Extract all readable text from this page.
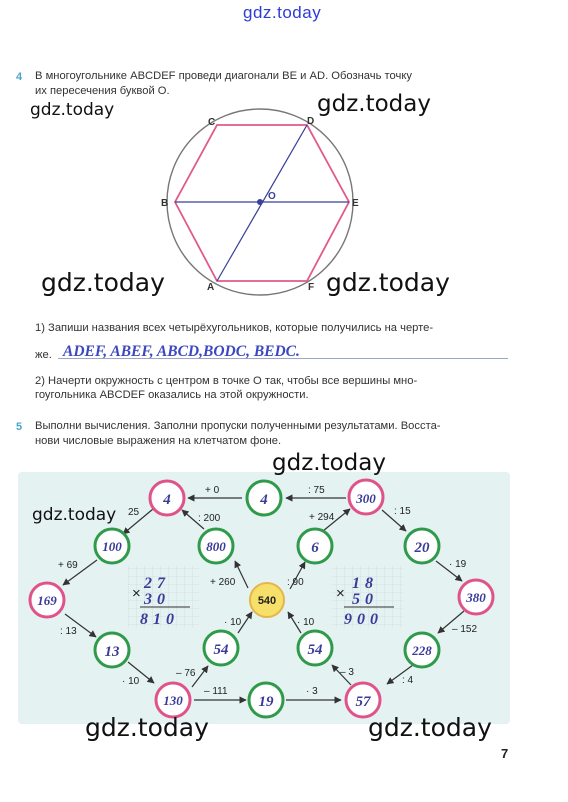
gdz.today
4 В многоугольнике ABCDEF проведи диагонали BE и AD. Обозначь точку
их пересечения буквой О.
C	D
B	E
A	F
O
gdz.today	gdz.today
gdz.today	gdz.today
1) Запиши названия всех четырёхугольников, которые получились на черте-
же. ADEF, ABEF, ABCD,BODC, BEDC.
2) Начерти окружность с центром в точке О так, чтобы все вершины мно-
гоугольника ABCDEF оказались на этой окружности.
5 Выполни вычисления. Заполни пропуски полученными результатами. Восста-
нови числовые выражения на клетчатом фоне.
+ 0	: 75
25
: 200	+ 294
: 15
+ 69
+ 260	: 90
· 19
: 13
· 10	· 10
– 152
· 10
– 76	– 3
: 4
– 111	· 3
×
27
30
810
×
18
50
900
540
4	4	300
100	800	6	20
169	380
13	54	54	228
130	19	57
gdz.today
gdz.today
gdz.today	gdz.today
7
